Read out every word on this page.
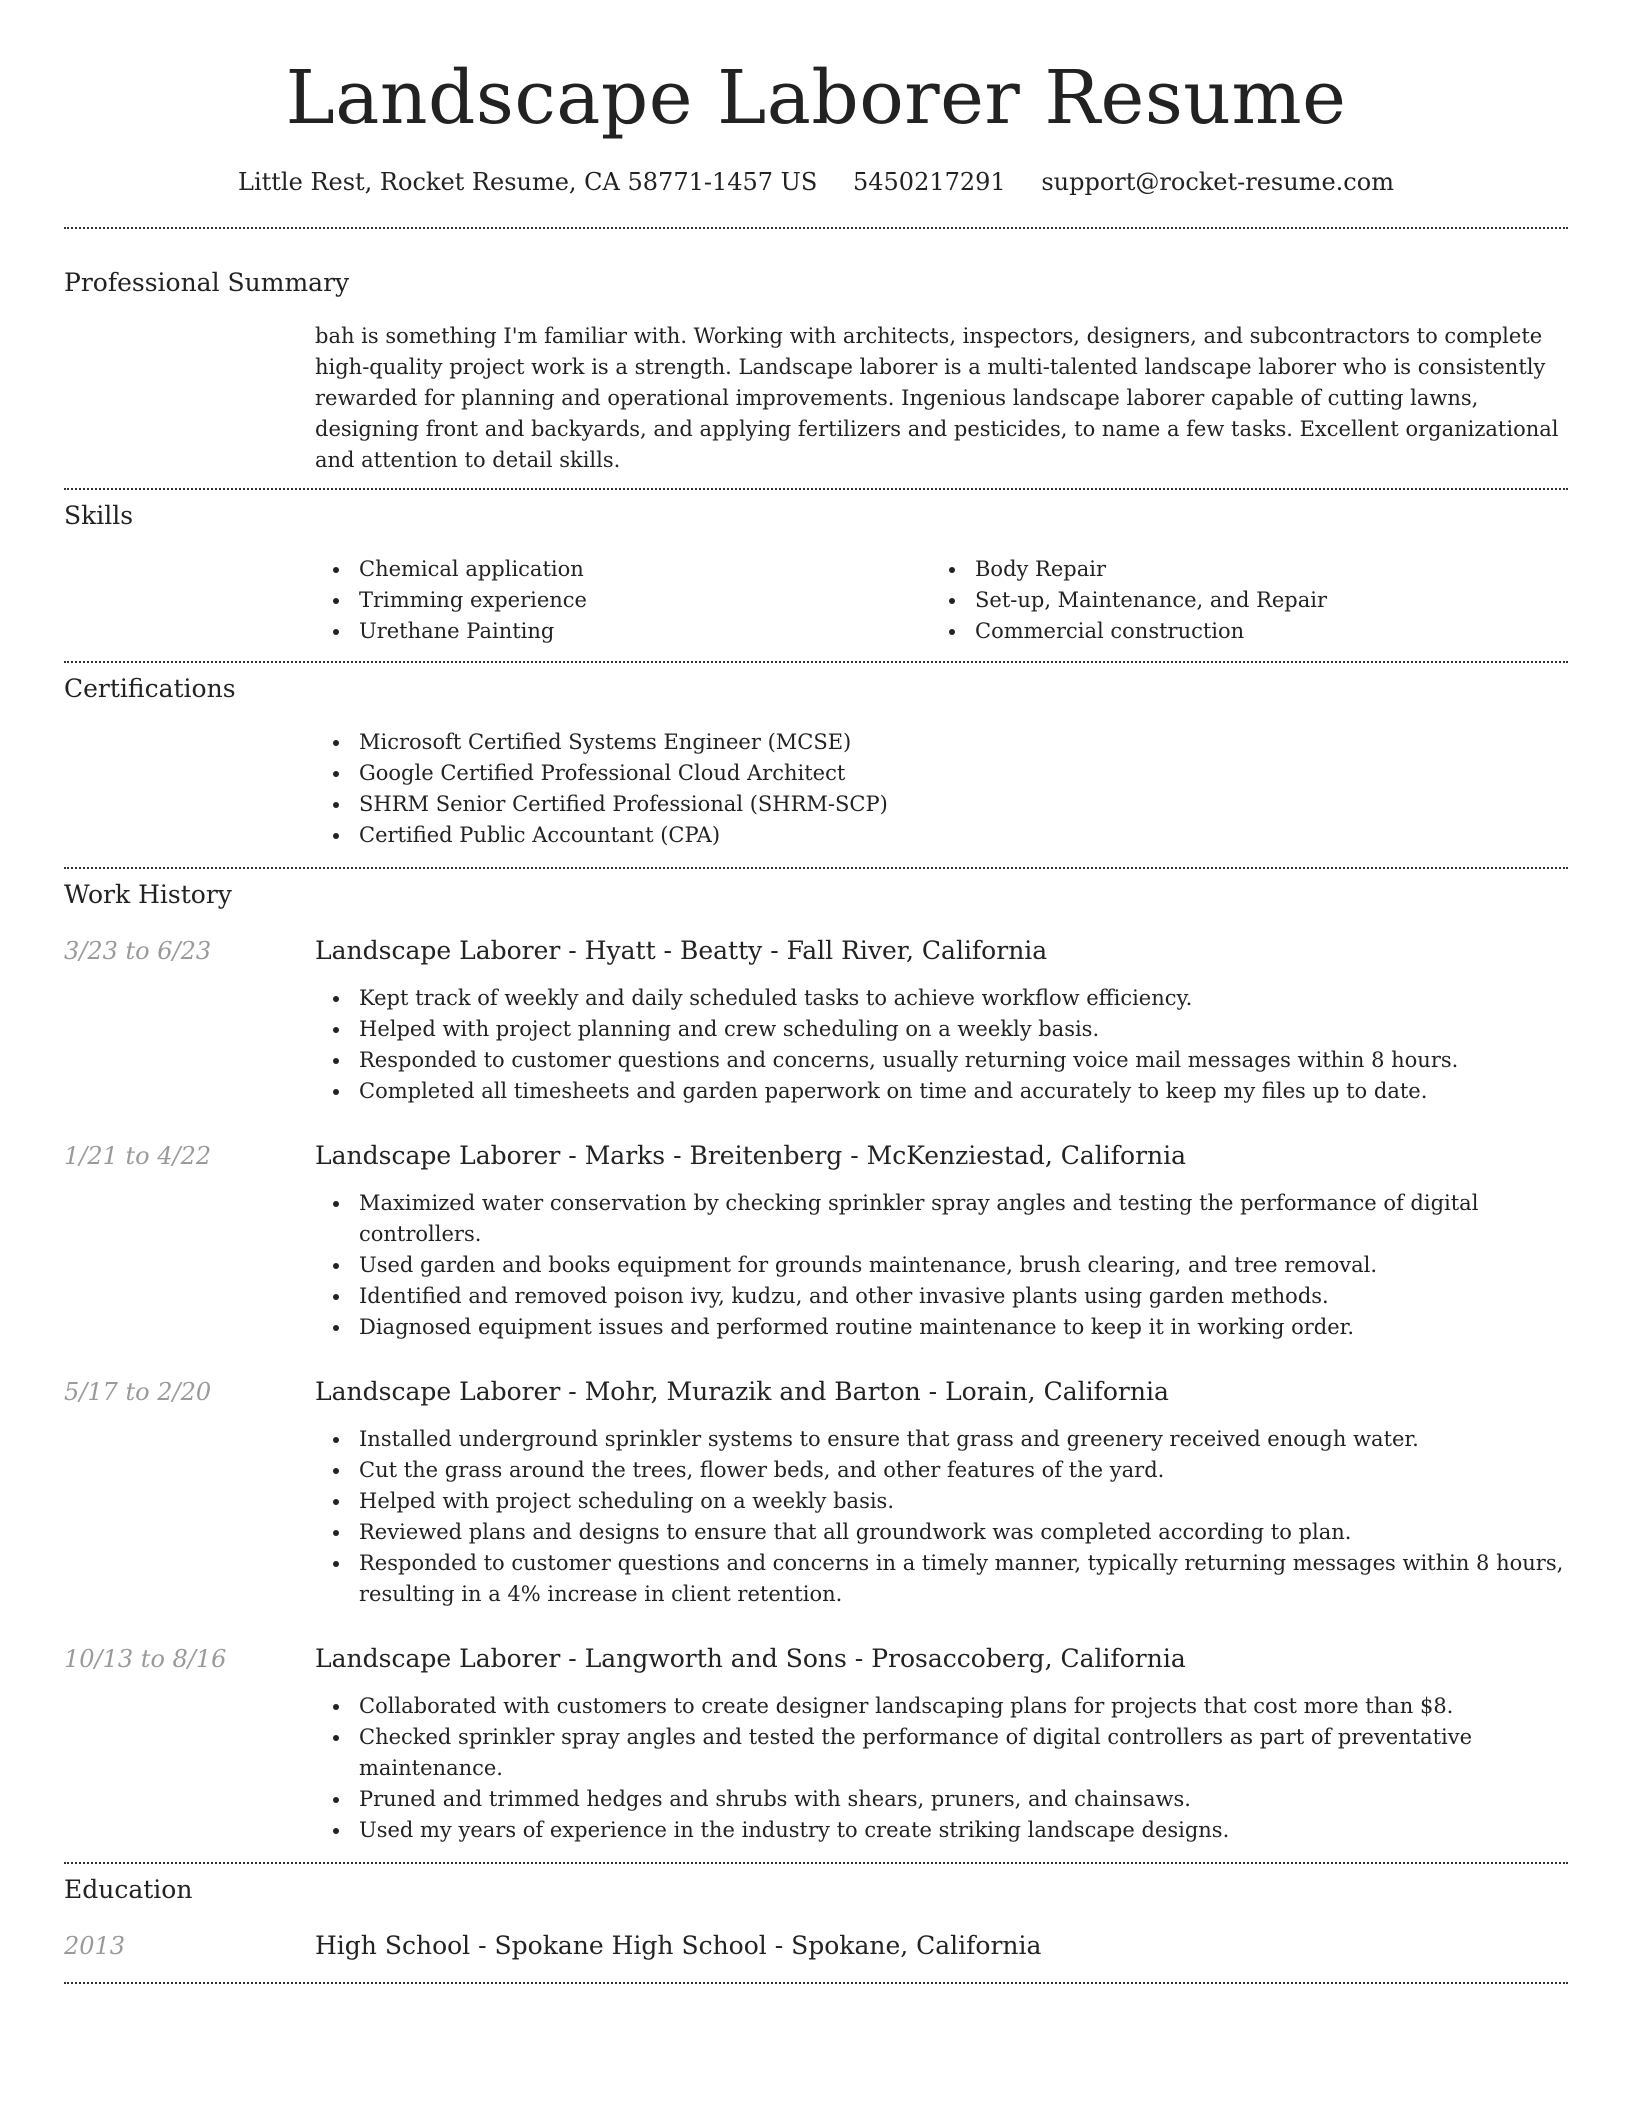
Landscape Laborer Resume
Little Rest, Rocket Resume, CA 58771-1457 US 5450217291 support@rocket-resume.com
Professional Summary
bah is something I'm familiar with. Working with architects, inspectors, designers, and subcontractors to complete high-quality project work is a strength. Landscape laborer is a multi-talented landscape laborer who is consistently rewarded for planning and operational improvements. Ingenious landscape laborer capable of cutting lawns, designing front and backyards, and applying fertilizers and pesticides, to name a few tasks. Excellent organizational and attention to detail skills.
Skills
Chemical application
Trimming experience
Urethane Painting
Body Repair
Set-up, Maintenance, and Repair
Commercial construction
Certifications
Microsoft Certified Systems Engineer (MCSE)
Google Certified Professional Cloud Architect
SHRM Senior Certified Professional (SHRM-SCP)
Certified Public Accountant (CPA)
Work History
3/23 to 6/23	Landscape Laborer - Hyatt - Beatty - Fall River, California
Kept track of weekly and daily scheduled tasks to achieve workflow efficiency.
Helped with project planning and crew scheduling on a weekly basis.
Responded to customer questions and concerns, usually returning voice mail messages within 8 hours.
Completed all timesheets and garden paperwork on time and accurately to keep my files up to date.
1/21 to 4/22	Landscape Laborer - Marks - Breitenberg - McKenziestad, California
Maximized water conservation by checking sprinkler spray angles and testing the performance of digital controllers.
Used garden and books equipment for grounds maintenance, brush clearing, and tree removal.
Identified and removed poison ivy, kudzu, and other invasive plants using garden methods.
Diagnosed equipment issues and performed routine maintenance to keep it in working order.
5/17 to 2/20	Landscape Laborer - Mohr, Murazik and Barton - Lorain, California
Installed underground sprinkler systems to ensure that grass and greenery received enough water.
Cut the grass around the trees, flower beds, and other features of the yard.
Helped with project scheduling on a weekly basis.
Reviewed plans and designs to ensure that all groundwork was completed according to plan.
Responded to customer questions and concerns in a timely manner, typically returning messages within 8 hours, resulting in a 4% increase in client retention.
10/13 to 8/16	Landscape Laborer - Langworth and Sons - Prosaccoberg, California
Collaborated with customers to create designer landscaping plans for projects that cost more than $8.
Checked sprinkler spray angles and tested the performance of digital controllers as part of preventative maintenance.
Pruned and trimmed hedges and shrubs with shears, pruners, and chainsaws.
Used my years of experience in the industry to create striking landscape designs.
Education
2013	High School - Spokane High School - Spokane, California
